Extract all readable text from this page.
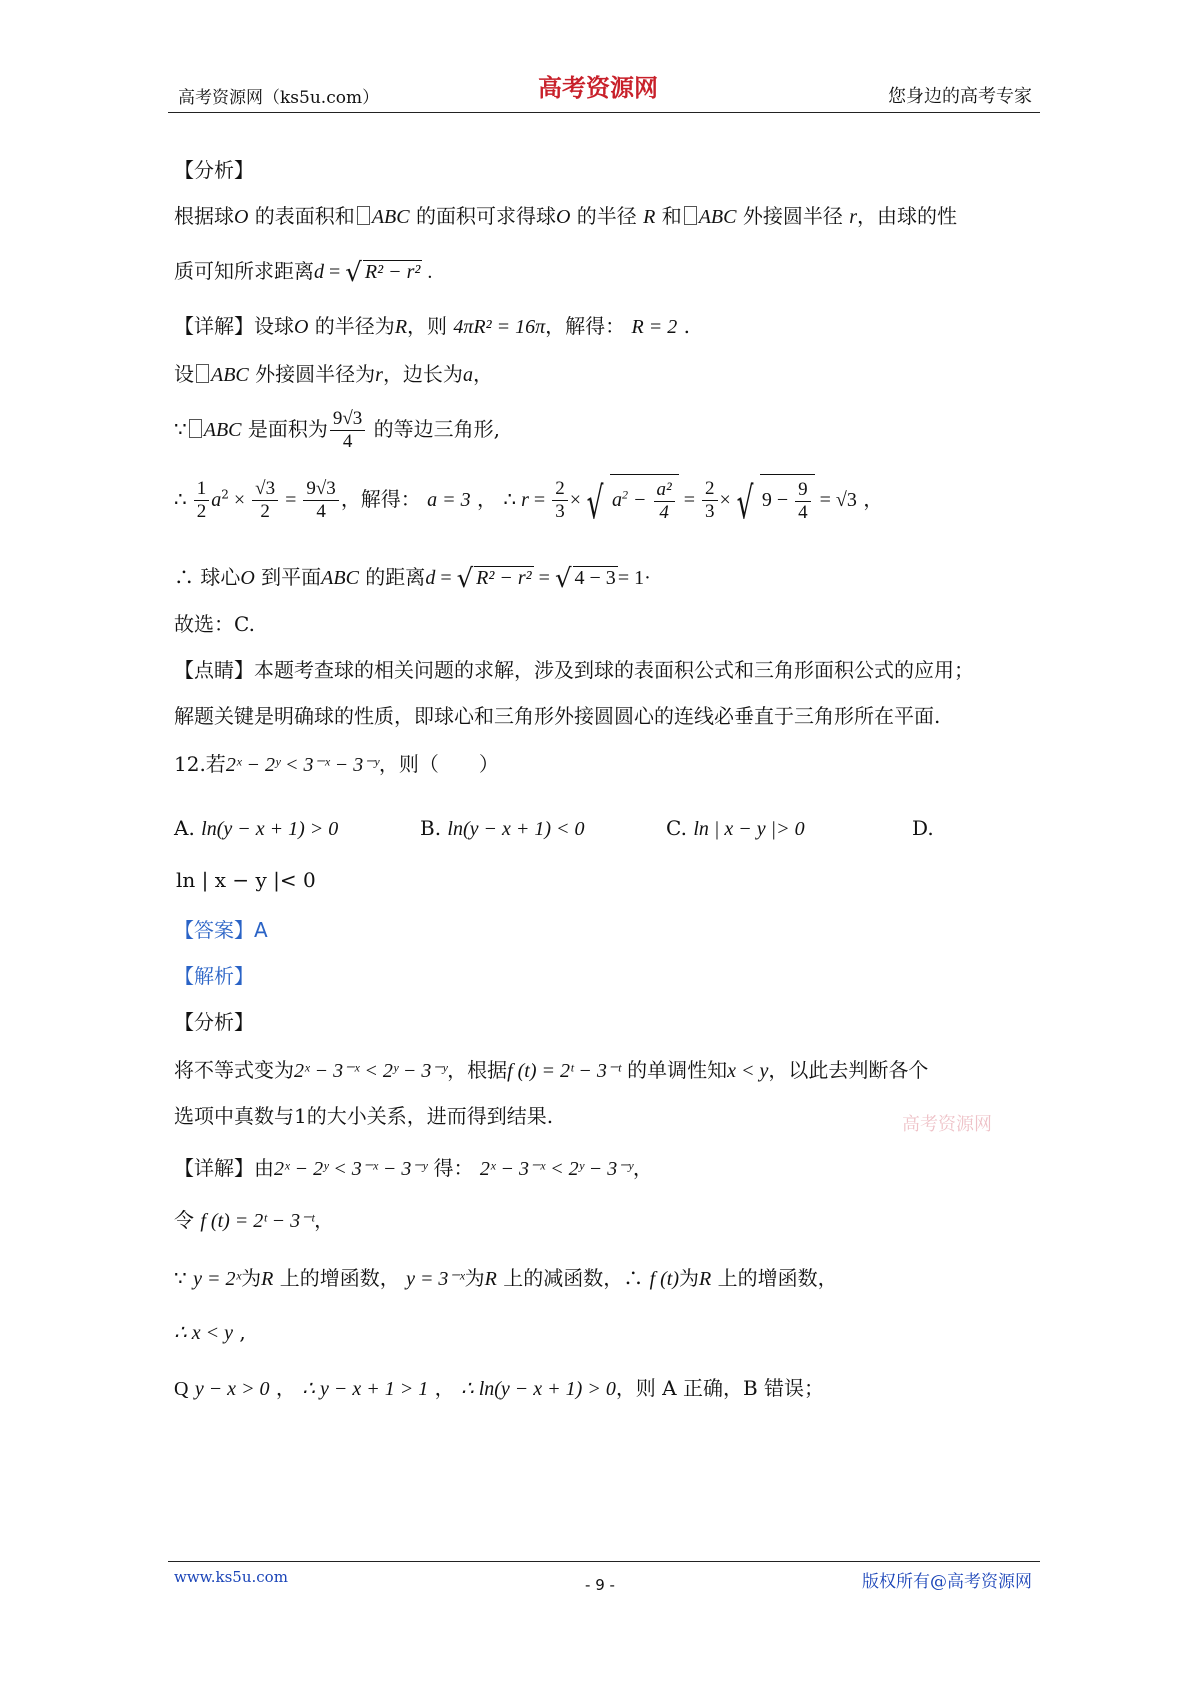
高考资源网（ks5u.com）	您身边的高考专家
高考资源网
【分析】
根据球O 的表面积和 ABC 的面积可求得球O 的半径 R 和 ABC 外接圆半径 r，由球的性
质可知所求距离d = √ R² − r² .
【详解】设球O 的半径为R，则 4πR² = 16π，解得： R = 2 .
设 ABC 外接圆半径为r，边长为a，
∵ ABC 是面积为 $\frac{9√3}{4}$ 的等边三角形,
∴ $\frac{1}{2} a^2 \times \frac{√3}{2} = \frac{9√3}{4}$ ，解得： a = 3 ， ∴ $r = \frac{2}{3}$ × √ $a^2 - \frac{\text{a²}}{4} = \frac{2}{3}$ × √ $9 - \frac{9}{4} = √3$ ，
∴ 球心O 到平面ABC 的距离d = √ R² − r² = √ 4 − 3 = 1·
故选：C.
【点睛】本题考查球的相关问题的求解，涉及到球的表面积公式和三角形面积公式的应用；
解题关键是明确球的性质，即球心和三角形外接圆圆心的连线必垂直于三角形所在平面.
12.若2ˣ − 2ʸ < 3⁻ˣ − 3⁻ʸ，则（　　）
A. ln(y − x + 1) > 0	B. ln(y − x + 1) < 0	C. ln | x − y |> 0	D.
ln | x − y |< 0
【答案】A
【解析】
【分析】
将不等式变为2ˣ − 3⁻ˣ < 2ʸ − 3⁻ʸ，根据f (t) = 2ᵗ − 3⁻ᵗ 的单调性知x < y，以此去判断各个
选项中真数与1的大小关系，进而得到结果.
【详解】由2ˣ − 2ʸ < 3⁻ˣ − 3⁻ʸ 得： 2ˣ − 3⁻ˣ < 2ʸ − 3⁻ʸ，
令 f (t) = 2ᵗ − 3⁻ᵗ，
∵ y = 2ˣ为R 上的增函数， y = 3⁻ˣ为R 上的减函数，∴ f (t)为R 上的增函数，
∴ x < y ,
Q y − x > 0 ， ∴ y − x + 1 > 1 ， ∴ ln(y − x + 1) > 0，则 A 正确，B 错误；
高考资源网
www.ks5u.com	版权所有@高考资源网
- 9 -
